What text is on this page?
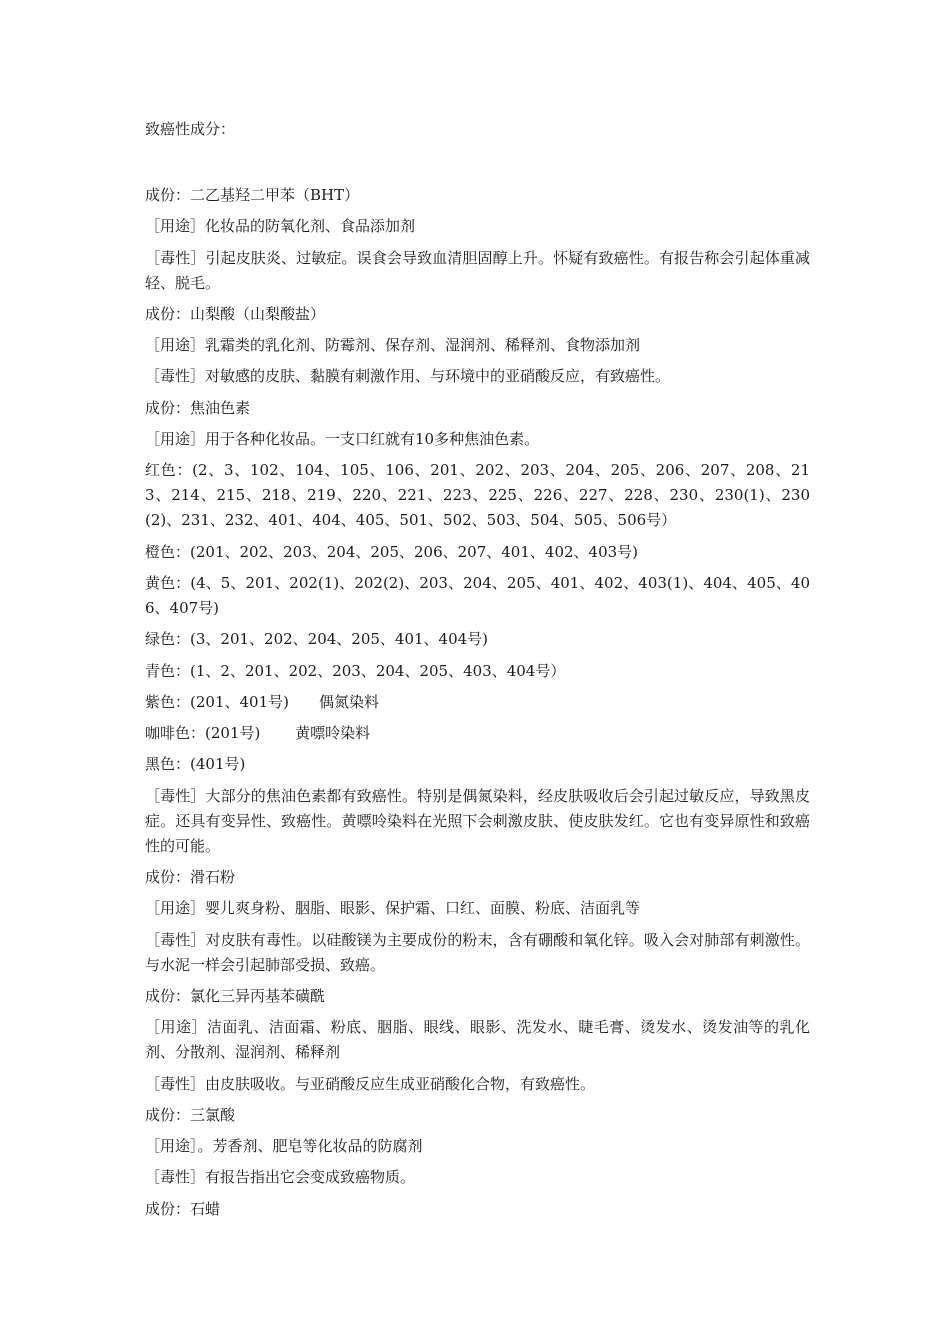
致癌性成分：
成份：二乙基羟二甲苯（BHT）
［用途］化妆品的防氧化剂、食品添加剂
［毒性］引起皮肤炎、过敏症。误食会导致血清胆固醇上升。怀疑有致癌性。有报告称会引起体重减轻、脱毛。
成份：山梨酸（山梨酸盐）
［用途］乳霜类的乳化剂、防霉剂、保存剂、湿润剂、稀释剂、食物添加剂
［毒性］对敏感的皮肤、黏膜有刺激作用、与环境中的亚硝酸反应，有致癌性。
成份：焦油色素
［用途］用于各种化妆品。一支口红就有10多种焦油色素。
红色：(2、3、102、104、105、106、201、202、203、204、205、206、207、208、213、214、215、218、219、220、221、223、225、226、227、228、230、230(1)、230(2)、231、232、401、404、405、501、502、503、504、505、506号）
橙色：(201、202、203、204、205、206、207、401、402、403号)
黄色：(4、5、201、202(1)、202(2)、203、204、205、401、402、403(1)、404、405、406、407号)
绿色：(3、201、202、204、205、401、404号)
青色：(1、2、201、202、203、204、205、403、404号）
紫色：(201、401号)　　偶氮染料
咖啡色：(201号)　　 黄嘌呤染料
黑色：(401号)
［毒性］大部分的焦油色素都有致癌性。特别是偶氮染料，经皮肤吸收后会引起过敏反应，导致黑皮症。还具有变异性、致癌性。黄嘌呤染料在光照下会刺激皮肤、使皮肤发红。它也有变异原性和致癌性的可能。
成份：滑石粉
［用途］婴儿爽身粉、胭脂、眼影、保护霜、口红、面膜、粉底、洁面乳等
［毒性］对皮肤有毒性。以硅酸镁为主要成份的粉末，含有硼酸和氧化锌。吸入会对肺部有刺激性。与水泥一样会引起肺部受损、致癌。
成份：氯化三异丙基苯磺酰
［用途］洁面乳、洁面霜、粉底、胭脂、眼线、眼影、洗发水、睫毛膏、烫发水、烫发油等的乳化剂、分散剂、湿润剂、稀释剂
［毒性］由皮肤吸收。与亚硝酸反应生成亚硝酸化合物，有致癌性。
成份：三氯酸
［用途］。芳香剂、肥皂等化妆品的防腐剂
［毒性］有报告指出它会变成致癌物质。
成份：石蜡
